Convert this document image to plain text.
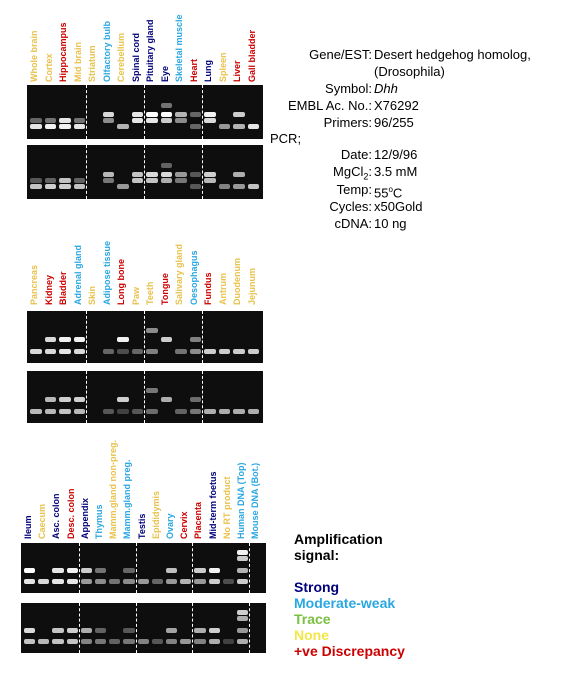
Whole brain Cortex Hippocampus Mid brain Striatum Olfactory bulb Cerebellum Spinal cord Pituitary gland Eye Skeletal muscle Heart Lung Spleen Liver Gall bladder
Pancreas Kidney Bladder Adrenal gland Skin Adipose tissue Long bone Paw Teeth Tongue Salivary gland Oesophagus Fundus Antrum Duodenum Jejunum
Ileum Caecum Asc. colon Desc. colon Appendix Thymus Mamm.gland non-preg. Mamm.gland preg. Testis Epididymis Ovary Cervix Placenta Mid-term foetus No RT product Human DNA (Top) Mouse DNA (Bot.)
Gene/EST: Desert hedgehog homolog,
(Drosophila)
Symbol: Dhh
EMBL Ac. No.: X76292
Primers: 96/255
PCR;
Date: 12/9/96
MgCl$_2$: 3.5 mM
Temp: 55$^o$C
Cycles: x50Gold
cDNA: 10 ng
Amplification
signal:
Strong
Moderate-weak
Trace
None
+ve Discrepancy
